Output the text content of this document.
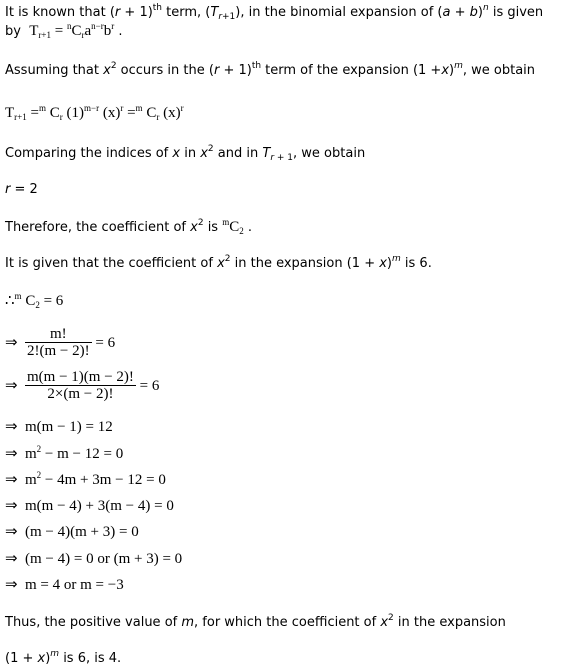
It is known that $(r + 1)^{th}$ term, $(T_{r+1})$, in the binomial expansion of $(a + b)^n$ is given
by  $T_{r+1} = ^nC_ra^{n-r}b^r$ .
Assuming that $x^2$ occurs in the $(r + 1)^{th}$ term of the expansion $(1 +x)^m$, we obtain
$T_{r+1} =^m$ $C_r$ $(1)^{m-r}$ $(x)^r =^m$ $C_r$ $(x)^r$
Comparing the indices of x in $x^2$ and in $T_r$ $_{+ 1}$, we obtain
r = 2
Therefore, the coefficient of $x^2$ is $^mC_2$ .
It is given that the coefficient of $x^2$ in the expansion $(1 + x)^m$ is 6.
∴$^m$ $C_2 = 6$
⇒ $\frac{m!}{2!(m - 2)!} = 6$
⇒ $\frac{m(m - 1)(m - 2)!}{2\times(m - 2)!} = 6$
⇒ m(m − 1) = 12
⇒ $m^2 - m - 12 = 0$
⇒ $m^2 - 4m + 3m - 12 = 0$
⇒ m(m − 4) + 3(m − 4) = 0
⇒ (m − 4)(m + 3) = 0
⇒ (m − 4) = 0 or (m + 3) = 0
⇒ m = 4 or m = −3
Thus, the positive value of m, for which the coefficient of $x^2$ in the expansion
$(1 + x)^m$ is 6, is 4.
